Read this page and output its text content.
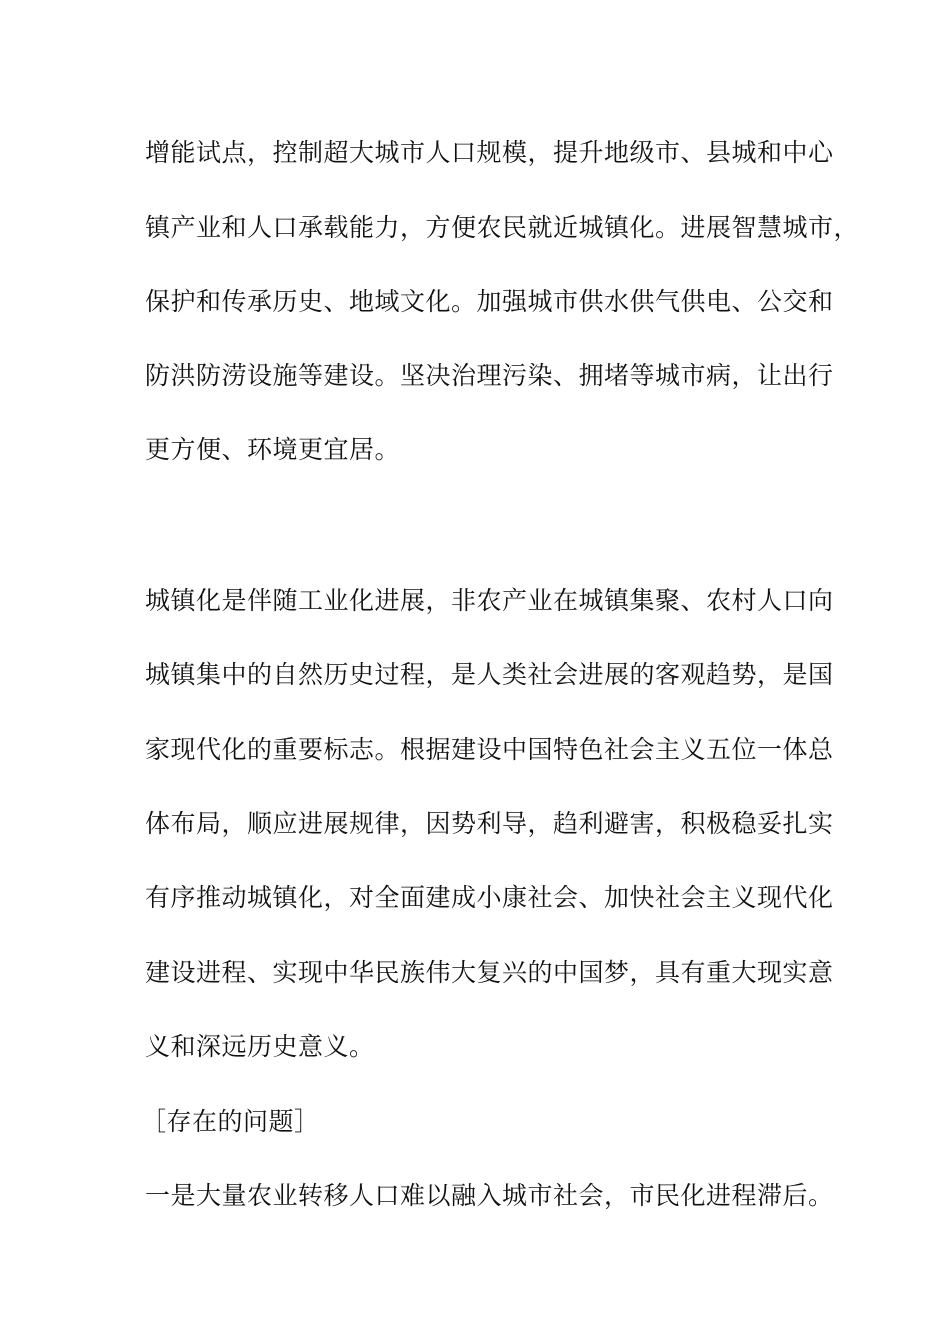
增能试点，控制超大城市人口规模，提升地级市、县城和中心
镇产业和人口承载能力，方便农民就近城镇化。进展智慧城市，
保护和传承历史、地域文化。加强城市供水供气供电、公交和
防洪防涝设施等建设。坚决治理污染、拥堵等城市病，让出行
更方便、环境更宜居。
城镇化是伴随工业化进展，非农产业在城镇集聚、农村人口向
城镇集中的自然历史过程，是人类社会进展的客观趋势，是国
家现代化的重要标志。根据建设中国特色社会主义五位一体总
体布局，顺应进展规律，因势利导，趋利避害，积极稳妥扎实
有序推动城镇化，对全面建成小康社会、加快社会主义现代化
建设进程、实现中华民族伟大复兴的中国梦，具有重大现实意
义和深远历史意义。
［存在的问题］
一是大量农业转移人口难以融入城市社会，市民化进程滞后。
